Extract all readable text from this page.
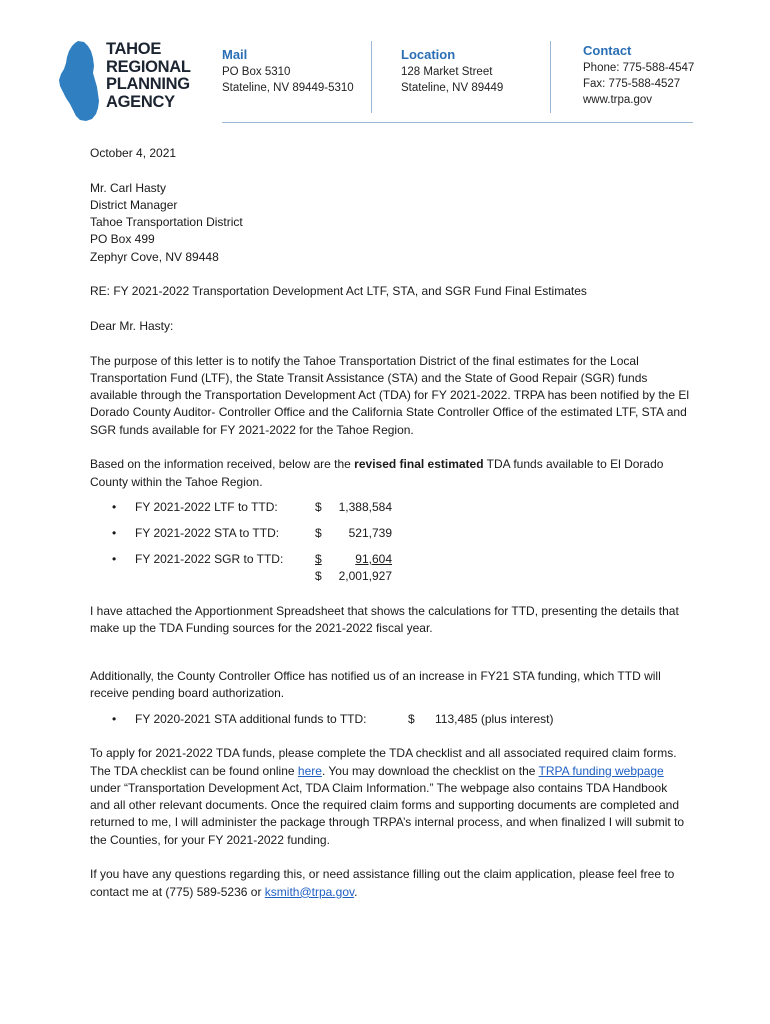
TAHOE
REGIONAL
PLANNING
AGENCY
Mail
PO Box 5310
Stateline, NV 89449-5310
Location
128 Market Street
Stateline, NV 89449
Contact
Phone: 775-588-4547
Fax: 775-588-4527
www.trpa.gov

October 4, 2021

Mr. Carl Hasty

District Manager

Tahoe Transportation District

PO Box 499

Zephyr Cove, NV 89448

RE: FY 2021-2022 Transportation Development Act LTF, STA, and SGR Fund Final Estimates

Dear Mr. Hasty:

The purpose of this letter is to notify the Tahoe Transportation District of the final estimates for the Local Transportation Fund (LTF), the State Transit Assistance (STA) and the State of Good Repair (SGR) funds available through the Transportation Development Act (TDA) for FY 2021-2022. TRPA has been notified by the El Dorado County Auditor- Controller Office and the California State Controller Office of the estimated LTF, STA and SGR funds available for FY 2021-2022 for the Tahoe Region.

Based on the information received, below are the revised final estimated TDA funds available to El Dorado County within the Tahoe Region.

• FY 2021-2022 LTF to TTD:	$	1,388,584
• FY 2021-2022 STA to TTD:	$	521,739
• FY 2021-2022 SGR to TTD:	$	91,604
$	2,001,927

I have attached the Apportionment Spreadsheet that shows the calculations for TTD, presenting the details that make up the TDA Funding sources for the 2021-2022 fiscal year.

Additionally, the County Controller Office has notified us of an increase in FY21 STA funding, which TTD will receive pending board authorization.

• FY 2020-2021 STA additional funds to TTD:	$ 113,485 (plus interest)

To apply for 2021-2022 TDA funds, please complete the TDA checklist and all associated required claim forms. The TDA checklist can be found online here. You may download the checklist on the TRPA funding webpage under “Transportation Development Act, TDA Claim Information.” The webpage also contains TDA Handbook and all other relevant documents. Once the required claim forms and supporting documents are completed and returned to me, I will administer the package through TRPA’s internal process, and when finalized I will submit to the Counties, for your FY 2021-2022 funding.

If you have any questions regarding this, or need assistance filling out the claim application, please feel free to contact me at (775) 589-5236 or ksmith@trpa.gov.
